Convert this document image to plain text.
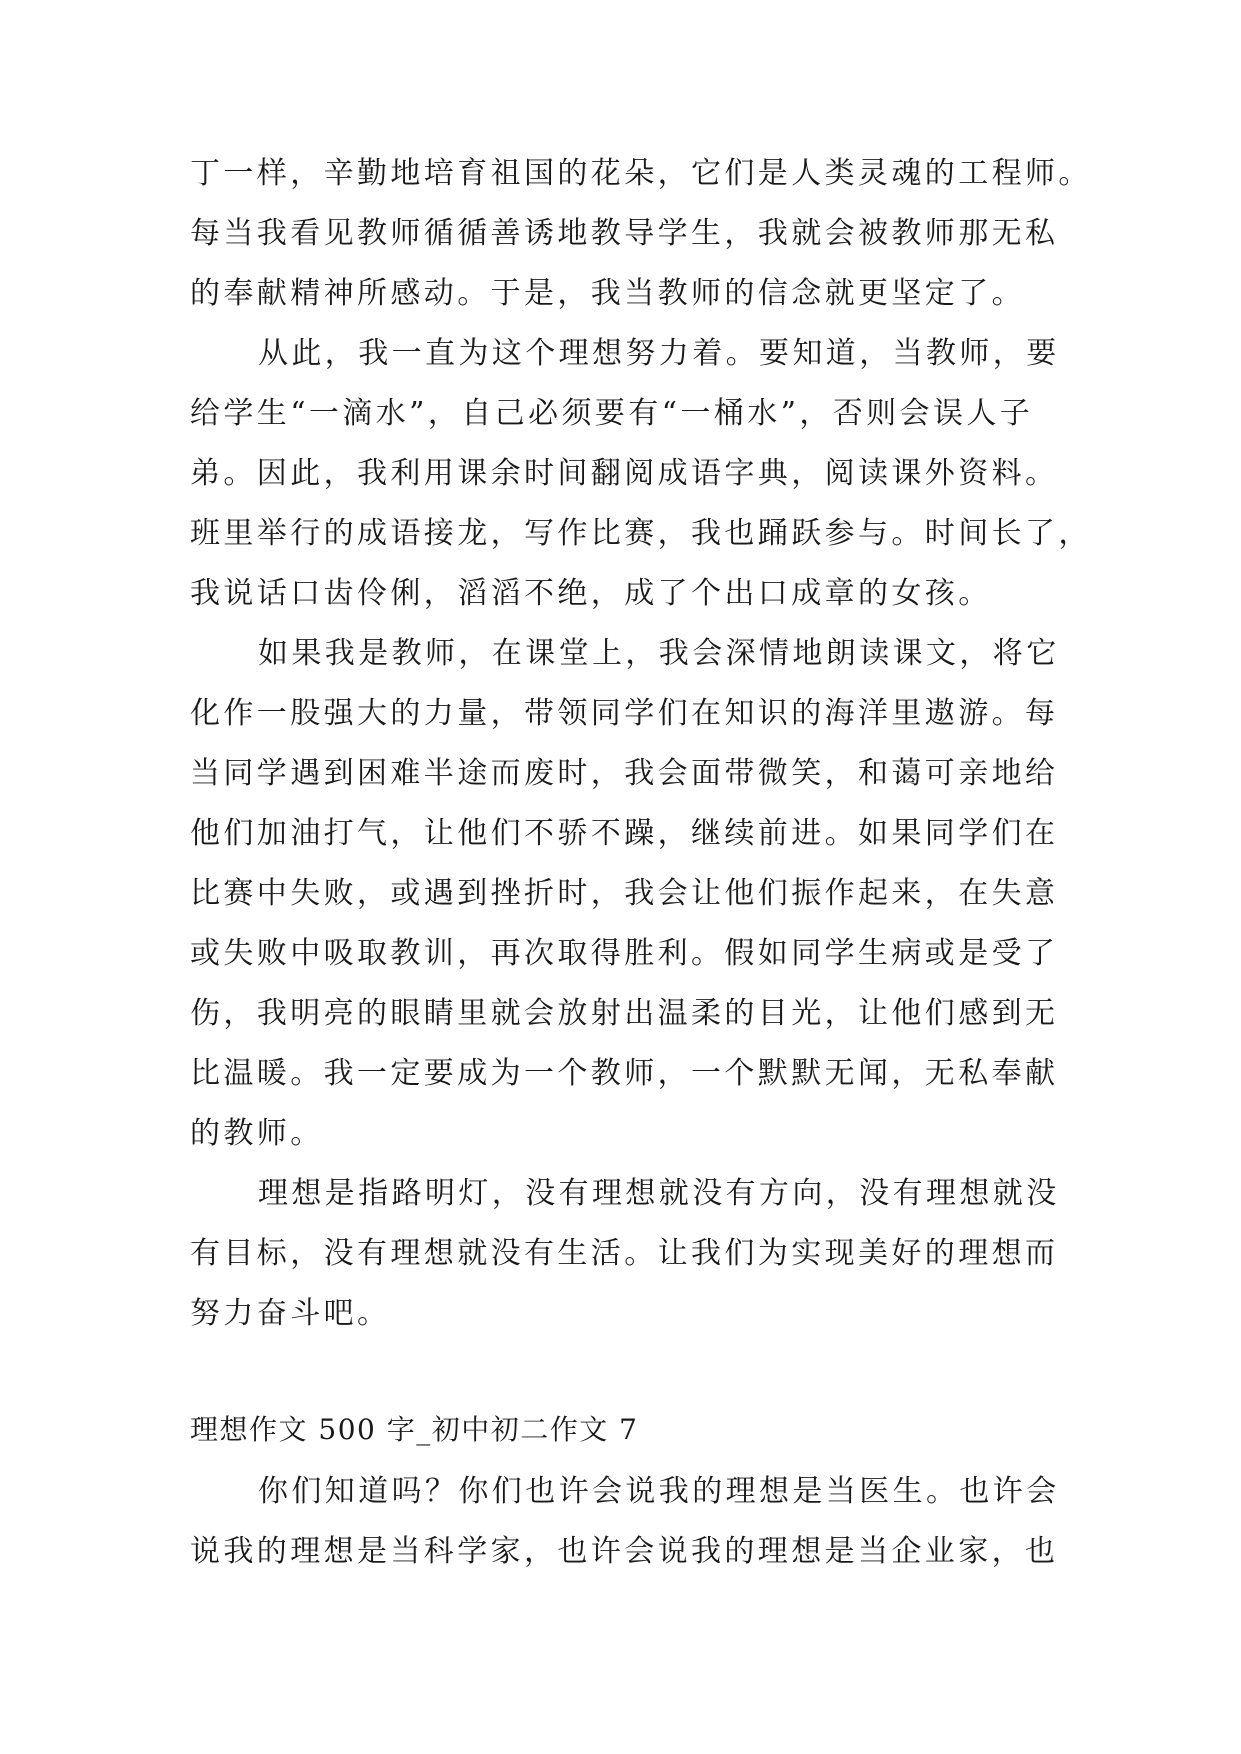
丁一样，辛勤地培育祖国的花朵，它们是人类灵魂的工程师。
每当我看见教师循循善诱地教导学生，我就会被教师那无私
的奉献精神所感动。于是，我当教师的信念就更坚定了。
从此，我一直为这个理想努力着。要知道，当教师，要
给学生“一滴水”，自己必须要有“一桶水”，否则会误人子
弟。因此，我利用课余时间翻阅成语字典，阅读课外资料。
班里举行的成语接龙，写作比赛，我也踊跃参与。时间长了，
我说话口齿伶俐，滔滔不绝，成了个出口成章的女孩。
如果我是教师，在课堂上，我会深情地朗读课文，将它
化作一股强大的力量，带领同学们在知识的海洋里遨游。每
当同学遇到困难半途而废时，我会面带微笑，和蔼可亲地给
他们加油打气，让他们不骄不躁，继续前进。如果同学们在
比赛中失败，或遇到挫折时，我会让他们振作起来，在失意
或失败中吸取教训，再次取得胜利。假如同学生病或是受了
伤，我明亮的眼睛里就会放射出温柔的目光，让他们感到无
比温暖。我一定要成为一个教师，一个默默无闻，无私奉献
的教师。
理想是指路明灯，没有理想就没有方向，没有理想就没
有目标，没有理想就没有生活。让我们为实现美好的理想而
努力奋斗吧。
理想作文 500 字_初中初二作文 7
你们知道吗？你们也许会说我的理想是当医生。也许会
说我的理想是当科学家，也许会说我的理想是当企业家，也
